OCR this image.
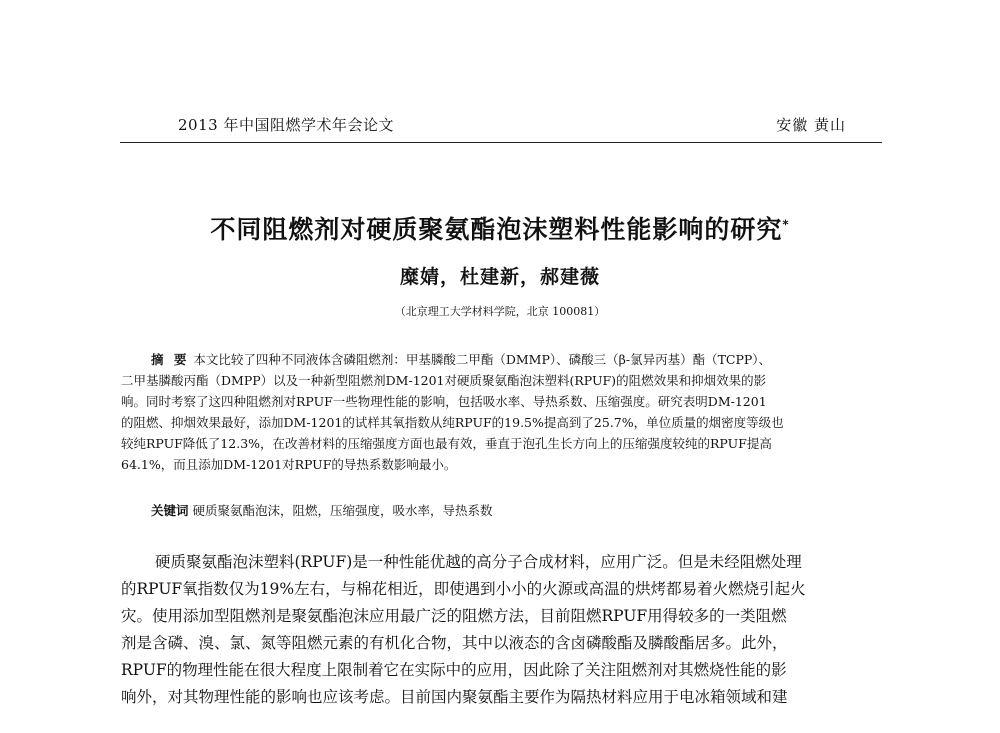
2013 年中国阻燃学术年会论文	安徽 黄山
不同阻燃剂对硬质聚氨酯泡沫塑料性能影响的研究*
糜婧，杜建新，郝建薇
（北京理工大学材料学院，北京 100081）
摘 要 本文比较了四种不同液体含磷阻燃剂：甲基膦酸二甲酯（DMMP）、磷酸三（β-氯异丙基）酯（TCPP）、
二甲基膦酸丙酯（DMPP）以及一种新型阻燃剂DM-1201对硬质聚氨酯泡沫塑料(RPUF)的阻燃效果和抑烟效果的影
响。同时考察了这四种阻燃剂对RPUF一些物理性能的影响，包括吸水率、导热系数、压缩强度。研究表明DM-1201
的阻燃、抑烟效果最好，添加DM-1201的试样其氧指数从纯RPUF的19.5%提高到了25.7%，单位质量的烟密度等级也
较纯RPUF降低了12.3%，在改善材料的压缩强度方面也最有效，垂直于泡孔生长方向上的压缩强度较纯的RPUF提高
64.1%，而且添加DM-1201对RPUF的导热系数影响最小。
关键词 硬质聚氨酯泡沫，阻燃，压缩强度，吸水率，导热系数
硬质聚氨酯泡沫塑料(RPUF)是一种性能优越的高分子合成材料，应用广泛。但是未经阻燃处理
的RPUF氧指数仅为19%左右，与棉花相近，即使遇到小小的火源或高温的烘烤都易着火燃烧引起火
灾。使用添加型阻燃剂是聚氨酯泡沫应用最广泛的阻燃方法，目前阻燃RPUF用得较多的一类阻燃
剂是含磷、溴、氯、氮等阻燃元素的有机化合物，其中以液态的含卤磷酸酯及膦酸酯居多。此外，
RPUF的物理性能在很大程度上限制着它在实际中的应用，因此除了关注阻燃剂对其燃烧性能的影
响外，对其物理性能的影响也应该考虑。目前国内聚氨酯主要作为隔热材料应用于电冰箱领域和建
